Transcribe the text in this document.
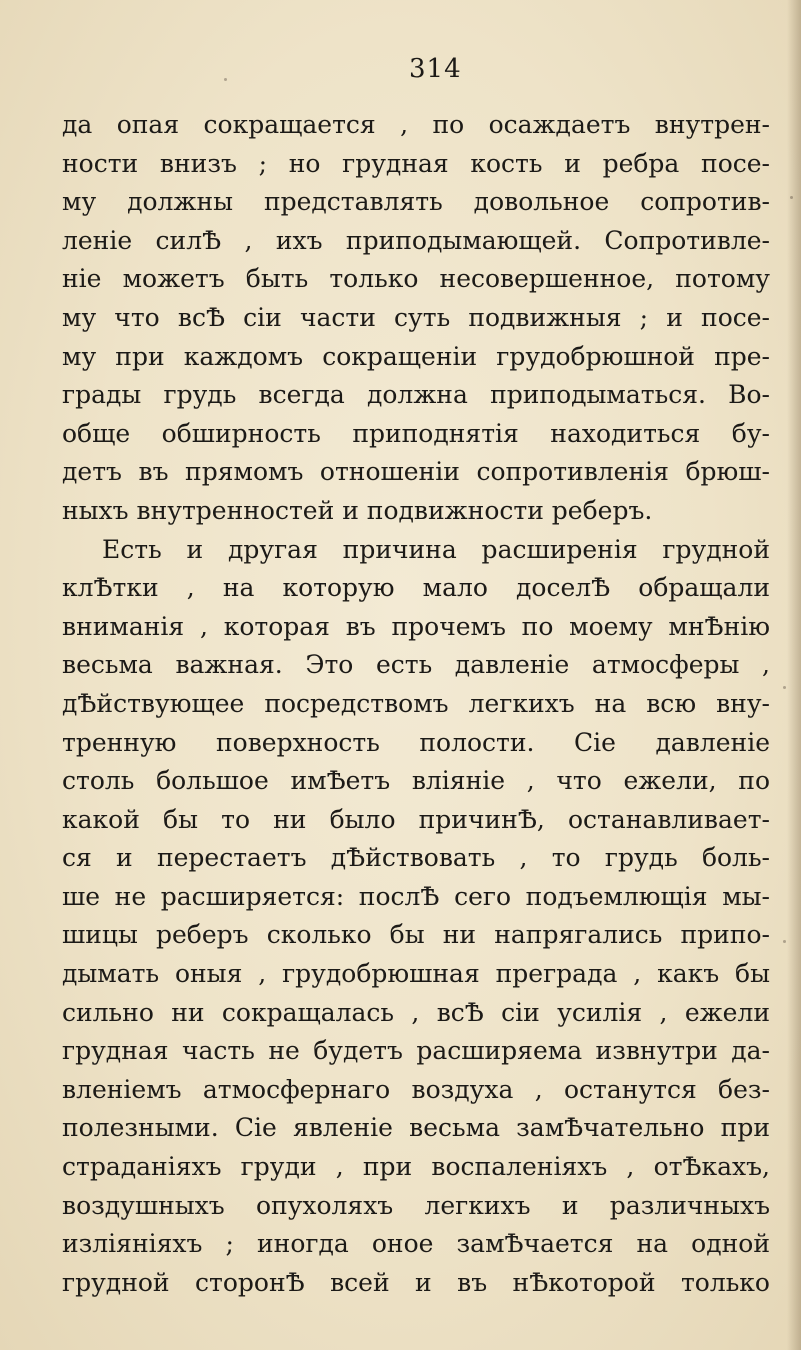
314
да опая сокращается , по осаждаетъ внутрен-
ности внизъ ; но грудная кость и ребра посе-
му должны представлять довольное сопротив-
леніе силѢ , ихъ приподымающей. Сопротивле-
ніе можетъ быть только несовершенное, потому
му что всѢ сіи части суть подвижныя ; и посе-
му при каждомъ сокращеніи грудобрюшной пре-
грады грудь всегда должна приподыматься. Во-
обще обширность приподнятія находиться бу-
детъ въ прямомъ отношеніи сопротивленія брюш-
ныхъ внутренностей и подвижности реберъ.
Есть и другая причина расширенія грудной
клѢтки , на которую мало доселѢ обращали
вниманія , которая въ прочемъ по моему мнѢнію
весьма важная. Это есть давленіе атмосферы ,
дѢйствующее посредствомъ легкихъ на всю вну-
тренную поверхность полости. Сіе давленіе
столь большое имѢетъ вліяніе , что ежели, по
какой бы то ни было причинѢ, останавливает-
ся и перестаетъ дѢйствовать , то грудь боль-
ше не расширяется: послѢ сего подъемлющія мы-
шицы реберъ сколько бы ни напрягались припо-
дымать оныя , грудобрюшная преграда , какъ бы
сильно ни сокращалась , всѢ сіи усилія , ежели
грудная часть не будетъ расширяема извнутри да-
вленіемъ атмосфернаго воздуха , останутся без-
полезными. Сіе явленіе весьма замѢчательно при
страданіяхъ груди , при воспаленіяхъ , отѢкахъ,
воздушныхъ опухоляхъ легкихъ и различныхъ
изліяніяхъ ; иногда оное замѢчается на одной
грудной сторонѢ всей и въ нѢкоторой только
